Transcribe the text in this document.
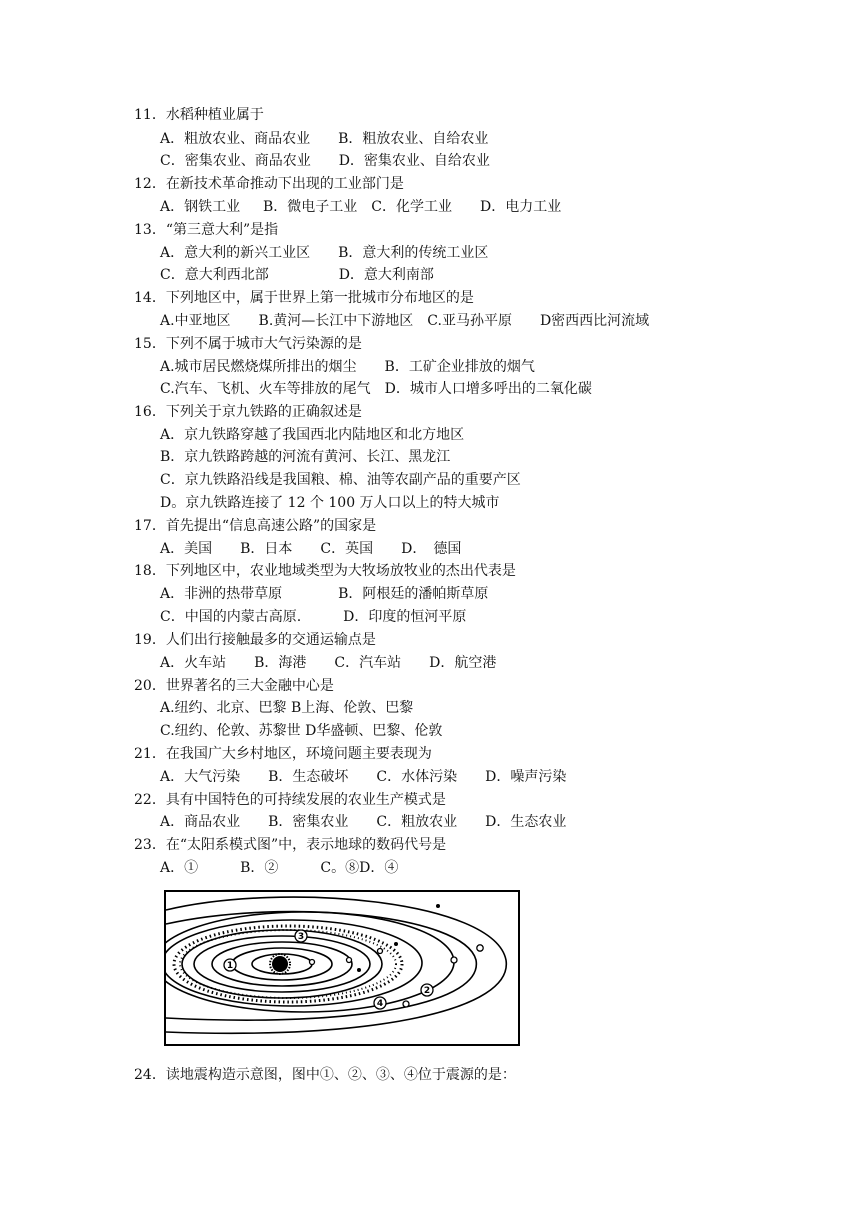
11．水稻种植业属于
A．粗放农业、商品农业　　B．粗放农业、自给农业
C．密集农业、商品农业　　D．密集农业、自给农业
12．在新技术革命推动下出现的工业部门是
A．钢铁工业　  B．微电子工业　C．化学工业　　D．电力工业
13．“第三意大利”是指
A．意大利的新兴工业区　　B．意大利的传统工业区
C．意大利西北部　　　　　D．意大利南部
14．下列地区中，属于世界上第一批城市分布地区的是
A.中亚地区　　B.黄河—长江中下游地区　C.亚马孙平原　　D密西西比河流域
15．下列不属于城市大气污染源的是
A.城市居民燃烧煤所排出的烟尘　　B．工矿企业排放的烟气
C.汽车、飞机、火车等排放的尾气　D．城市人口增多呼出的二氧化碳
16．下列关于京九铁路的正确叙述是
A．京九铁路穿越了我国西北内陆地区和北方地区
B．京九铁路跨越的河流有黄河、长江、黑龙江
C．京九铁路沿线是我国粮、棉、油等农副产品的重要产区
D。京九铁路连接了 12 个 100 万人口以上的特大城市
17．首先提出“信息高速公路”的国家是
A．美国　　B．日本　　C．英国　　D．　德国
18．下列地区中，农业地域类型为大牧场放牧业的杰出代表是
A．非洲的热带草原　　　　B．阿根廷的潘帕斯草原
C．中国的内蒙古高原.　　　D．印度的恒河平原
19．人们出行接触最多的交通运输点是
A．火车站　　B．海港　　C．汽车站　　D．航空港
20．世界著名的三大金融中心是
A.纽约、北京、巴黎 B上海、伦敦、巴黎
C.纽约、伦敦、苏黎世 D华盛顿、巴黎、伦敦
21．在我国广大乡村地区，环境问题主要表现为
A．大气污染　　B．生态破坏　　C．水体污染　　D．噪声污染
22．具有中国特色的可持续发展的农业生产模式是
A．商品农业　　B．密集农业　　C．粗放农业　　D．生态农业
23．在“太阳系模式图”中，表示地球的数码代号是
A．①　　　B．②　　　C。⑧D．④
1
2
3
4
24．读地震构造示意图，图中①、②、③、④位于震源的是：
